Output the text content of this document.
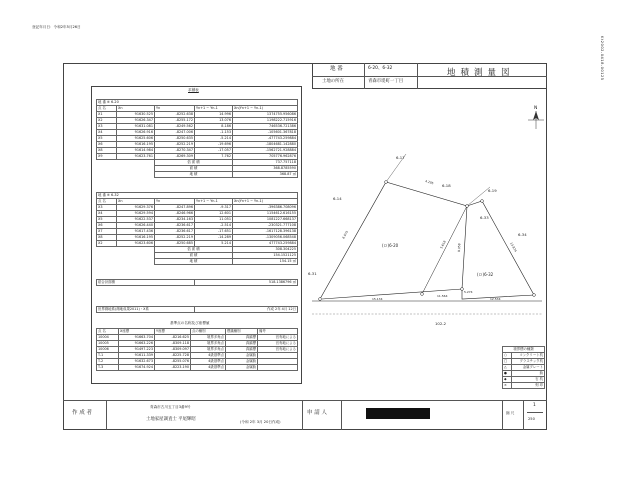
登記年月日：令和2年5月26日
Kt2002-0418-00125
地 番	6-20、6-32
土地の所在	青森市堤町一丁目
地積測量図
求積表
地 番 ⑥ 6-20				
点 名	Xn	Yn	Yn+1 − Yn-1	Xn(Yn+1 − Yn-1)
X1	91630.525	-8252.638	14.996	1374755.956086
X2	91626.347	-8255.172	13.076	1198222.715916
X3	91631.081	-8249.562	8.186	746536.721386
X4	91626.916	-8247.006	-1.153	-105601.367818
X5	91625.606	-8250.635	-5.214	-477743.259884
X6	91616.195	-8252.219	-19.696	-1804681.142880
X8	91614.984	-8270.347	-17.057	-1562721.928884
X9	91623.761	-8269.309	7.762	705776.962876
		倍 面 積		737.757118
		面 積		368.8785590
		地 積		368.87 ㎡
地 番 ⑥ 6-32				
点 名	Xn	Yn	Yn+1 − Yn-1	Xn(Yn+1 − Yn-1)
X3	91629.376	-8247.896	-9.317	-396386.708096
X4	91629.594	-8246.966	12.601	1154612.616155
X5	91622.537	-8234.163	11.051	1081227.668137
X6	91626.440	-8236.617	-2.514	-230321.777108
X7	91617.436	-8236.617	-17.651	-1617128.396138
X8	91616.195	-8252.219	-14.289	-1309056.068548
X2	91623.606	-8250.685	5.214	477743.259884
		倍 面 積		308.304225
		面 積		154.1521125
		地 積		154.15 ㎡
総合計面積	518.1386796 ㎡
世界測地系(測地成果2011)・X系	作成 2年 4月 12日
基準点の名称及び座標値
点 名	X座標	Y座標	点の種別	標識種別	備考
10004	91663.704	-8216.625	境界多角点	真鍮標	官有地による
10005	91663.226	-8309.118	境界多角点	真鍮標	官有地による
10006	91497.223	-8309.097	境界多角点	真鍮標	官有地による
T-1	91611.339	-8225.728	4級基準点	金属鋲	
T-2	91632.673	-8255.076	4級基準点	金属鋲	
T-3	91674.924	-8223.190	4級基準点	金属鋲	
N
(ロ)6-20
(ロ)6-32
6-17
6-18
6-14
6-19
6-31
6-33
6-34
102-2
4.205
6.075
8.058	13.874
5.618
5.274
15.134	12.534
11.564
境界標の種類	
○	コンクリート杭
□	プラスチック杭
△	金属プレート
●	鋲
◆	石 杭
×	刻 印
作 成 者
青森市古川五丁目3番9号
土地家屋調査士 平尾輝昭	(令和 2年 3月 20日作成)
申 請 人	縮 尺
1
250
